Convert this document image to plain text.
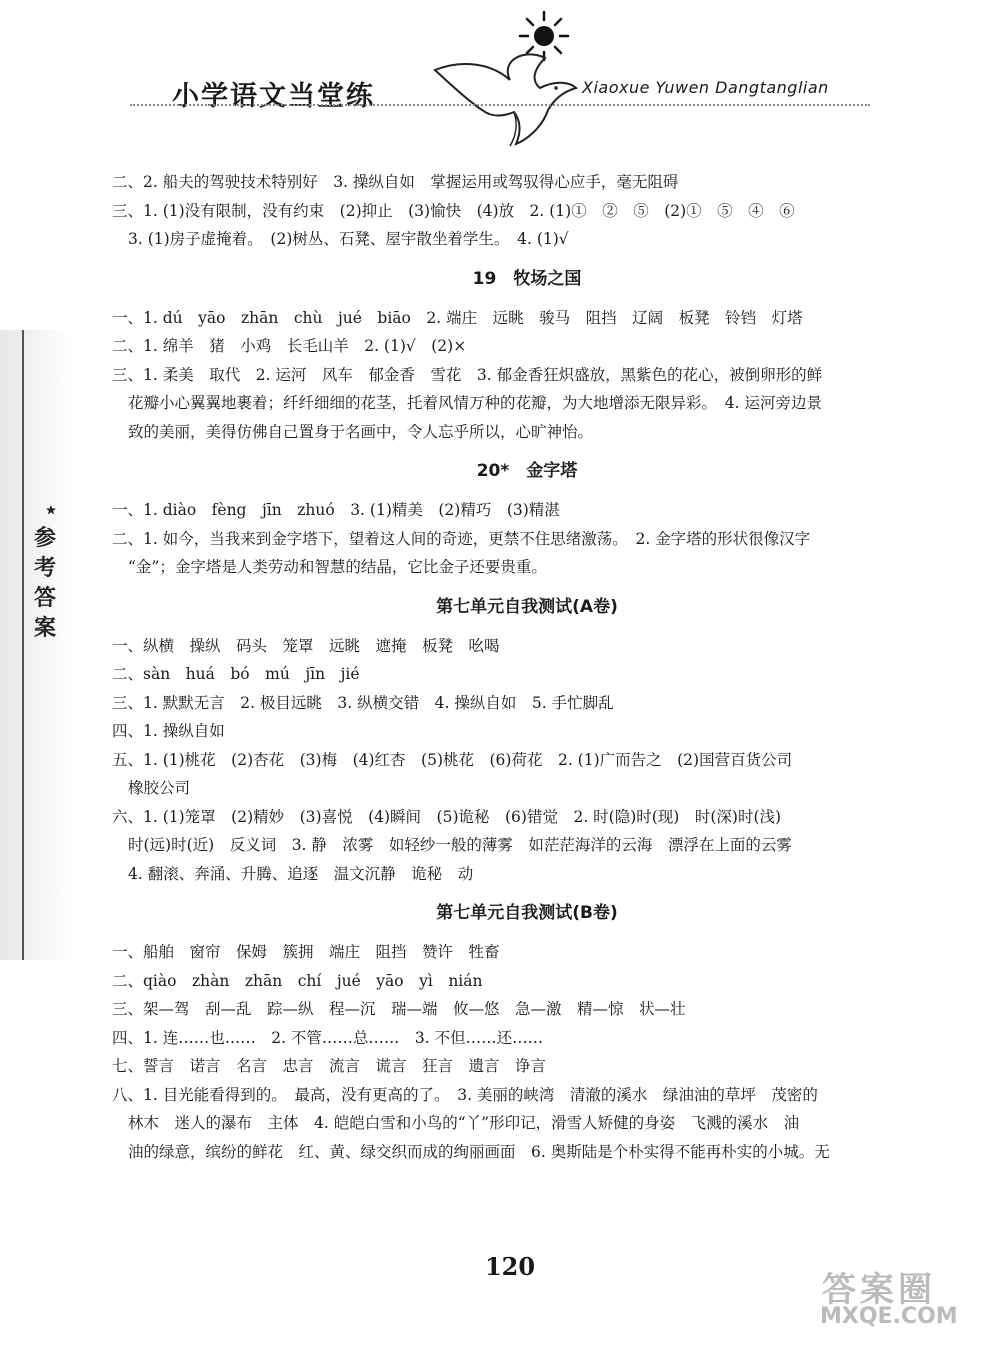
小学语文当堂练	Xiaoxue Yuwen Dangtanglian
参考答案
二、2. 船夫的驾驶技术特别好　3. 操纵自如　掌握运用或驾驭得心应手，毫无阻碍
三、1. (1)没有限制，没有约束　(2)抑止　(3)愉快　(4)放　2. (1)①　②　⑤　(2)①　⑤　④　⑥
3. (1)房子虚掩着。　(2)树丛、石凳、屋宇散坐着学生。　4. (1)√
19　牧场之国
一、1. dú　yāo　zhān　chù　jué　biāo　2. 端庄　远眺　骏马　阻挡　辽阔　板凳　铃铛　灯塔
二、1. 绵羊　猪　小鸡　长毛山羊　2. (1)√　(2)×
三、1. 柔美　取代　2. 运河　风车　郁金香　雪花　3. 郁金香狂炽盛放，黑紫色的花心，被倒卵形的鲜
花瓣小心翼翼地裹着；纤纤细细的花茎，托着风情万种的花瓣，为大地增添无限异彩。　4. 运河旁边景
致的美丽，美得仿佛自己置身于名画中，令人忘乎所以，心旷神怡。
20*　金字塔
一、1. diào　fèng　jīn　zhuó　3. (1)精美　(2)精巧　(3)精湛
二、1. 如今，当我来到金字塔下，望着这人间的奇迹，更禁不住思绪激荡。　2. 金字塔的形状很像汉字
“金”；金字塔是人类劳动和智慧的结晶，它比金子还要贵重。
第七单元自我测试(A卷)
一、纵横　操纵　码头　笼罩　远眺　遮掩　板凳　吆喝
二、sàn　huá　bó　mú　jīn　jié
三、1. 默默无言　2. 极目远眺　3. 纵横交错　4. 操纵自如　5. 手忙脚乱
四、1. 操纵自如
五、1. (1)桃花　(2)杏花　(3)梅　(4)红杏　(5)桃花　(6)荷花　2. (1)广而告之　(2)国营百货公司
橡胶公司
六、1. (1)笼罩　(2)精妙　(3)喜悦　(4)瞬间　(5)诡秘　(6)错觉　2. 时(隐)时(现)　时(深)时(浅)
时(远)时(近)　反义词　3. 静　浓雾　如轻纱一般的薄雾　如茫茫海洋的云海　漂浮在上面的云雾
4. 翻滚、奔涌、升腾、追逐　温文沉静　诡秘　动
第七单元自我测试(B卷)
一、船舶　窗帘　保姆　簇拥　端庄　阻挡　赞许　牲畜
二、qiào　zhàn　zhān　chí　jué　yāo　yì　nián
三、架—驾　刮—乱　踪—纵　程—沉　瑞—端　攸—悠　急—激　精—惊　状—壮
四、1. 连……也……　2. 不管……总……　3. 不但……还……
七、誓言　诺言　名言　忠言　流言　谎言　狂言　遗言　诤言
八、1. 目光能看得到的。　最高，没有更高的了。　3. 美丽的峡湾　清澈的溪水　绿油油的草坪　茂密的
林木　迷人的瀑布　主体　4. 皑皑白雪和小鸟的“丫”形印记，滑雪人矫健的身姿　飞溅的溪水　油
油的绿意，缤纷的鲜花　红、黄、绿交织而成的绚丽画面　6. 奥斯陆是个朴实得不能再朴实的小城。无
120
答案圈
MXQE.COM
